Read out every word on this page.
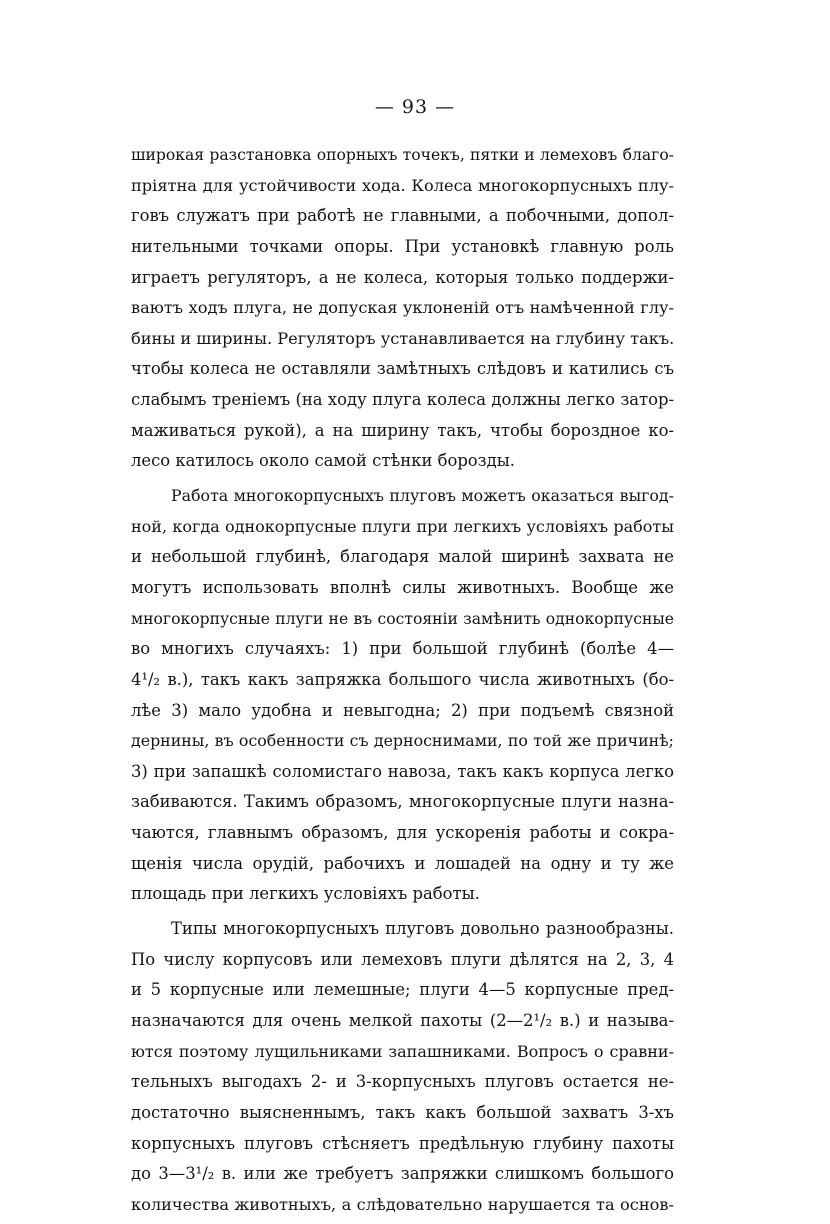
— 93 —
широкая разстановка опорныхъ точекъ, пятки и лемеховъ благо-
пріятна для устойчивости хода. Колеса многокорпусныхъ плу-
говъ служатъ при работѣ не главными, а побочными, допол-
нительными точками опоры. При установкѣ главную роль
играетъ регуляторъ, а не колеса, которыя только поддержи-
ваютъ ходъ плуга, не допуская уклоненій отъ намѣченной глу-
бины и ширины. Регуляторъ устанавливается на глубину такъ.
чтобы колеса не оставляли замѣтныхъ слѣдовъ и катились съ
слабымъ треніемъ (на ходу плуга колеса должны легко затор-
маживаться рукой), а на ширину такъ, чтобы бороздное ко-
лесо катилось около самой стѣнки борозды.
Работа многокорпусныхъ плуговъ можетъ оказаться выгод-
ной, когда однокорпусные плуги при легкихъ условіяхъ работы
и небольшой глубинѣ, благодаря малой ширинѣ захвата не
могутъ использовать вполнѣ силы животныхъ. Вообще же
многокорпусные плуги не въ состояніи замѣнить однокорпусные
во многихъ случаяхъ: 1) при большой глубинѣ (болѣе 4—
4¹/₂ в.), такъ какъ запряжка большого числа животныхъ (бо-
лѣе 3) мало удобна и невыгодна; 2) при подъемѣ связной
дернины, въ особенности съ дерноснимами, по той же причинѣ;
3) при запашкѣ соломистаго навоза, такъ какъ корпуса легко
забиваются. Такимъ образомъ, многокорпусные плуги назна-
чаются, главнымъ образомъ, для ускоренія работы и сокра-
щенія числа орудій, рабочихъ и лошадей на одну и ту же
площадь при легкихъ условіяхъ работы.
Типы многокорпусныхъ плуговъ довольно разнообразны.
По числу корпусовъ или лемеховъ плуги дѣлятся на 2, 3, 4
и 5 корпусные или лемешные; плуги 4—5 корпусные пред-
назначаются для очень мелкой пахоты (2—2¹/₂ в.) и называ-
ются поэтому лущильниками запашниками. Вопросъ о сравни-
тельныхъ выгодахъ 2- и 3-корпусныхъ плуговъ остается не-
достаточно выясненнымъ, такъ какъ большой захватъ 3-хъ
корпусныхъ плуговъ стѣсняетъ предѣльную глубину пахоты
до 3—3¹/₂ в. или же требуетъ запряжки слишкомъ большого
количества животныхъ, а слѣдовательно нарушается та основ-
